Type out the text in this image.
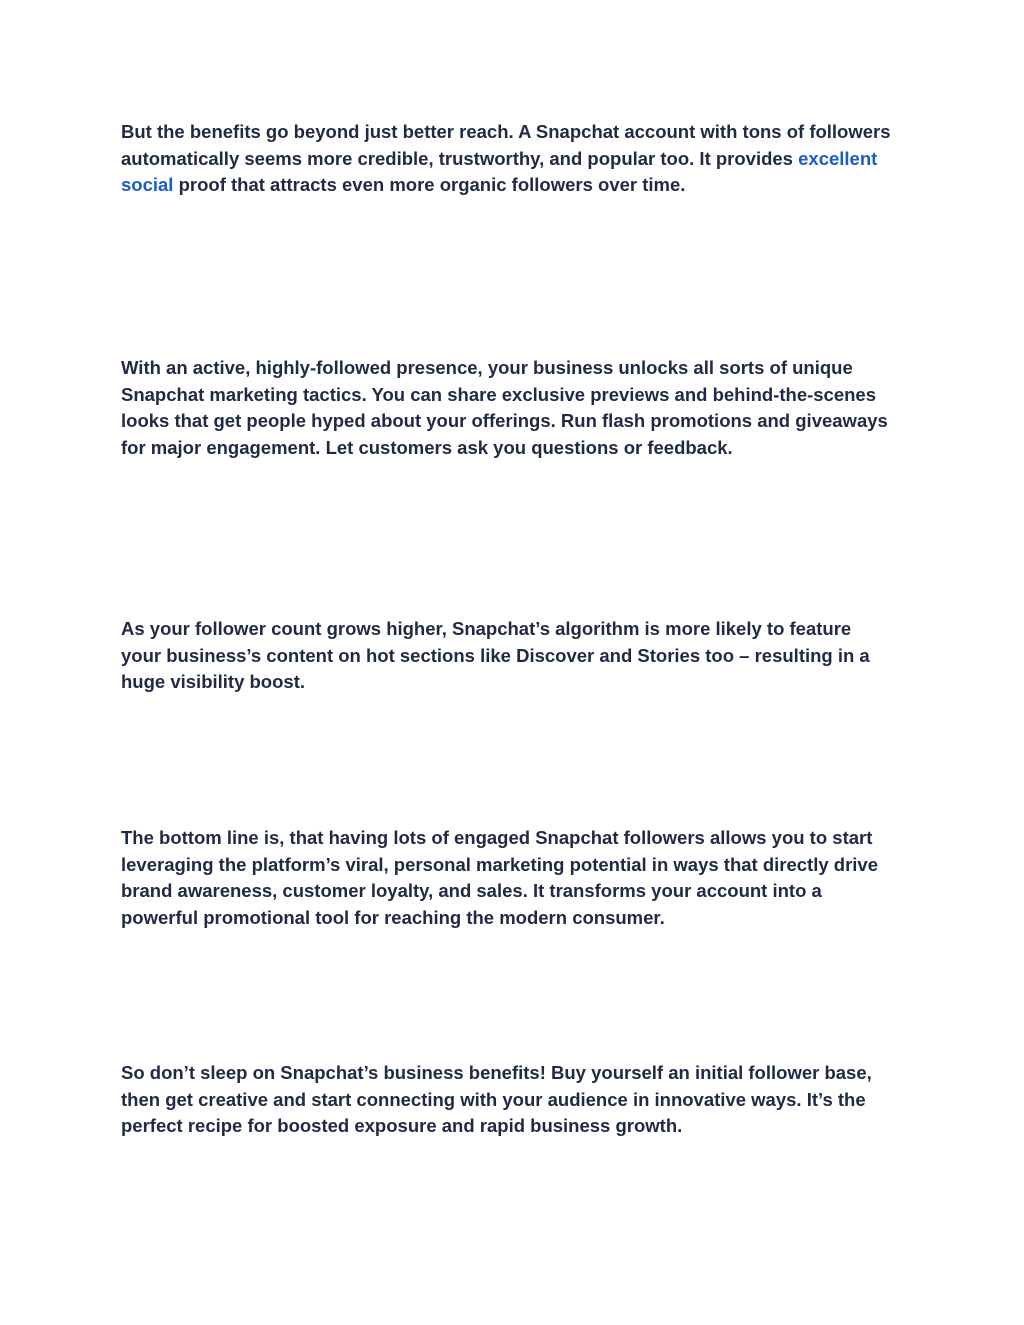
But the benefits go beyond just better reach. A Snapchat account with tons of followers automatically seems more credible, trustworthy, and popular too. It provides excellent social proof that attracts even more organic followers over time.

With an active, highly-followed presence, your business unlocks all sorts of unique Snapchat marketing tactics. You can share exclusive previews and behind-the-scenes looks that get people hyped about your offerings. Run flash promotions and giveaways for major engagement. Let customers ask you questions or feedback.

As your follower count grows higher, Snapchat’s algorithm is more likely to feature your business’s content on hot sections like Discover and Stories too – resulting in a huge visibility boost.

The bottom line is, that having lots of engaged Snapchat followers allows you to start leveraging the platform’s viral, personal marketing potential in ways that directly drive brand awareness, customer loyalty, and sales. It transforms your account into a powerful promotional tool for reaching the modern consumer.

So don’t sleep on Snapchat’s business benefits! Buy yourself an initial follower base, then get creative and start connecting with your audience in innovative ways. It’s the perfect recipe for boosted exposure and rapid business growth.
